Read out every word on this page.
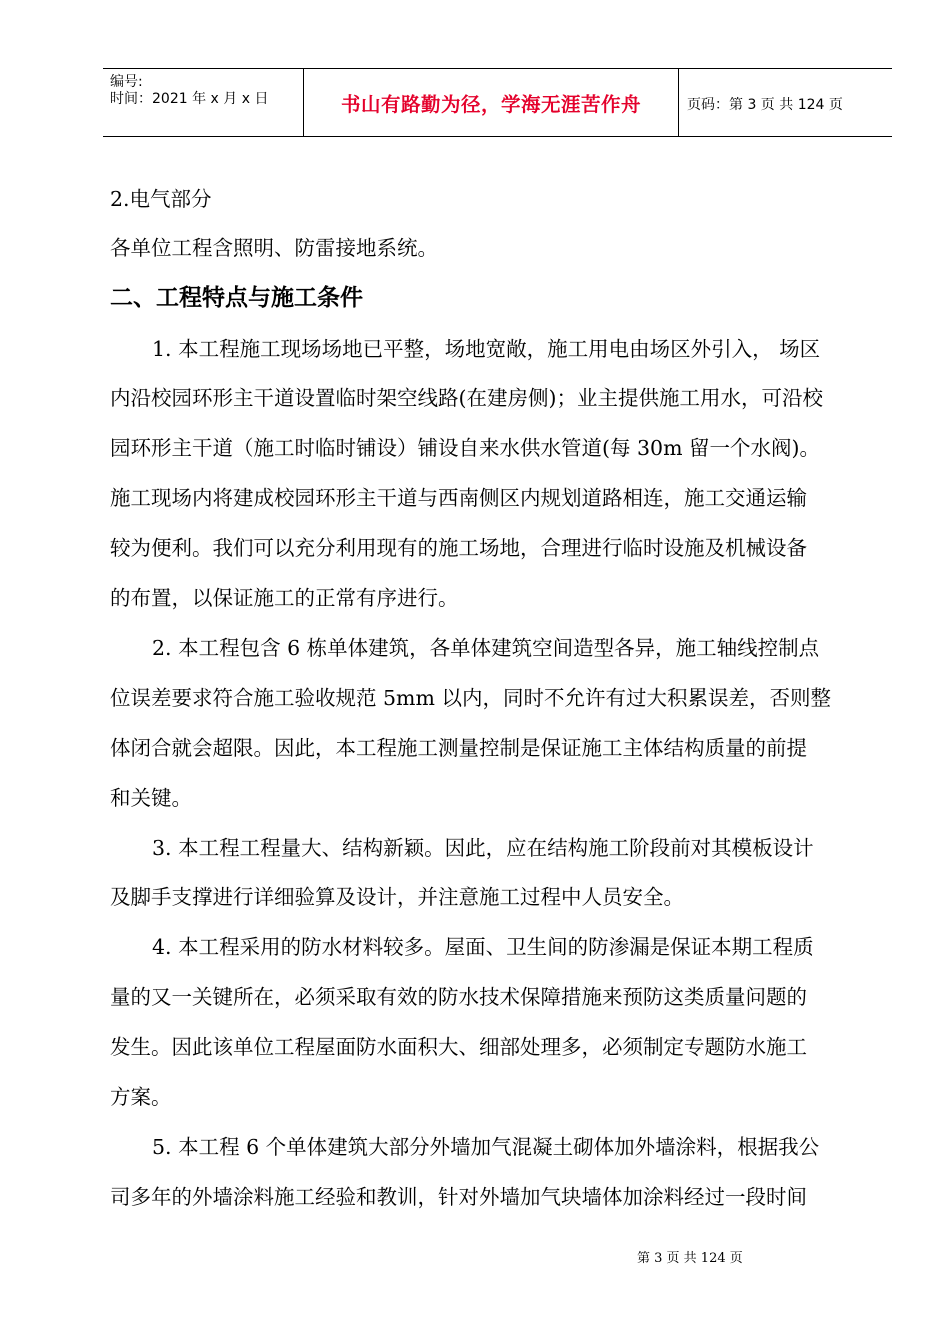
编号:
时间：2021 年 x 月 x 日	书山有路勤为径，学海无涯苦作舟	页码：第 3 页 共 124 页
2.电气部分
各单位工程含照明、防雷接地系统。
二、工程特点与施工条件
1. 本工程施工现场场地已平整，场地宽敞，施工用电由场区外引入， 场区
内沿校园环形主干道设置临时架空线路(在建房侧)；业主提供施工用水，可沿校
园环形主干道（施工时临时铺设）铺设自来水供水管道(每 30m 留一个水阀)。
施工现场内将建成校园环形主干道与西南侧区内规划道路相连，施工交通运输
较为便利。我们可以充分利用现有的施工场地，合理进行临时设施及机械设备
的布置，以保证施工的正常有序进行。
2. 本工程包含 6 栋单体建筑，各单体建筑空间造型各异，施工轴线控制点
位误差要求符合施工验收规范 5mm 以内，同时不允许有过大积累误差，否则整
体闭合就会超限。因此，本工程施工测量控制是保证施工主体结构质量的前提
和关键。
3. 本工程工程量大、结构新颖。因此，应在结构施工阶段前对其模板设计
及脚手支撑进行详细验算及设计，并注意施工过程中人员安全。
4. 本工程采用的防水材料较多。屋面、卫生间的防渗漏是保证本期工程质
量的又一关键所在，必须采取有效的防水技术保障措施来预防这类质量问题的
发生。因此该单位工程屋面防水面积大、细部处理多，必须制定专题防水施工
方案。
5. 本工程 6 个单体建筑大部分外墙加气混凝土砌体加外墙涂料，根据我公
司多年的外墙涂料施工经验和教训，针对外墙加气块墙体加涂料经过一段时间
第 3 页 共 124 页
